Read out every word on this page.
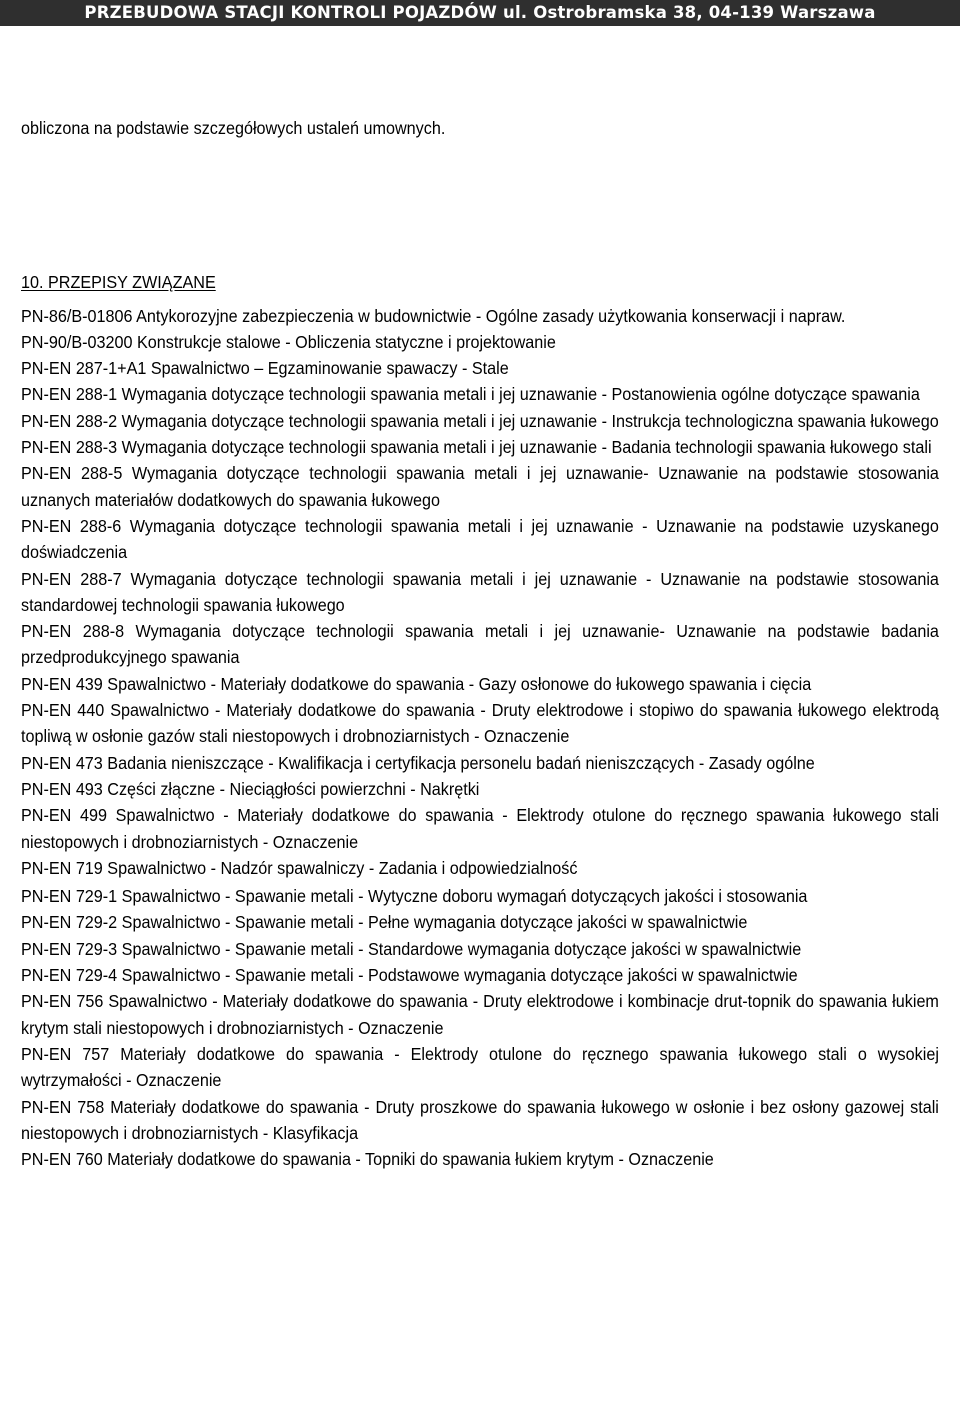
PRZEBUDOWA STACJI KONTROLI POJAZDÓW ul. Ostrobramska 38, 04-139 Warszawa

obliczona na podstawie szczegółowych ustaleń umownych.

10. PRZEPISY ZWIĄZANE
PN-86/B-01806 Antykorozyjne zabezpieczenia w budownictwie - Ogólne zasady użytkowania konserwacji i napraw.
PN-90/B-03200 Konstrukcje stalowe - Obliczenia statyczne i projektowanie
PN-EN 287-1+A1 Spawalnictwo – Egzaminowanie spawaczy - Stale
PN-EN 288-1 Wymagania dotyczące technologii spawania metali i jej uznawanie - Postanowienia ogólne dotyczące spawania
PN-EN 288-2 Wymagania dotyczące technologii spawania metali i jej uznawanie - Instrukcja technologiczna spawania łukowego
PN-EN 288-3 Wymagania dotyczące technologii spawania metali i jej uznawanie - Badania technologii spawania łukowego stali
PN-EN 288-5 Wymagania dotyczące technologii spawania metali i jej uznawanie- Uznawanie na podstawie stosowania uznanych materiałów dodatkowych do spawania łukowego
PN-EN 288-6 Wymagania dotyczące technologii spawania metali i jej uznawanie - Uznawanie na podstawie uzyskanego doświadczenia
PN-EN 288-7 Wymagania dotyczące technologii spawania metali i jej uznawanie - Uznawanie na podstawie stosowania standardowej technologii spawania łukowego
PN-EN 288-8 Wymagania dotyczące technologii spawania metali i jej uznawanie- Uznawanie na podstawie badania przedprodukcyjnego spawania
PN-EN 439 Spawalnictwo - Materiały dodatkowe do spawania - Gazy osłonowe do łukowego spawania i cięcia
PN-EN 440 Spawalnictwo - Materiały dodatkowe do spawania - Druty elektrodowe i stopiwo do spawania łukowego elektrodą topliwą w osłonie gazów stali niestopowych i drobnoziarnistych - Oznaczenie
PN-EN 473 Badania nieniszczące - Kwalifikacja i certyfikacja personelu badań nieniszczących - Zasady ogólne
PN-EN 493 Części złączne - Nieciągłości powierzchni - Nakrętki
PN-EN 499 Spawalnictwo - Materiały dodatkowe do spawania - Elektrody otulone do ręcznego spawania łukowego stali niestopowych i drobnoziarnistych - Oznaczenie
PN-EN 719 Spawalnictwo - Nadzór spawalniczy - Zadania i odpowiedzialność
PN-EN 729-1 Spawalnictwo - Spawanie metali - Wytyczne doboru wymagań dotyczących jakości i stosowania
PN-EN 729-2 Spawalnictwo - Spawanie metali - Pełne wymagania dotyczące jakości w spawalnictwie
PN-EN 729-3 Spawalnictwo - Spawanie metali - Standardowe wymagania dotyczące jakości w spawalnictwie
PN-EN 729-4 Spawalnictwo - Spawanie metali - Podstawowe wymagania dotyczące jakości w spawalnictwie
PN-EN 756 Spawalnictwo - Materiały dodatkowe do spawania - Druty elektrodowe i kombinacje drut-topnik do spawania łukiem krytym stali niestopowych i drobnoziarnistych - Oznaczenie
PN-EN 757 Materiały dodatkowe do spawania - Elektrody otulone do ręcznego spawania łukowego stali o wysokiej wytrzymałości - Oznaczenie
PN-EN 758 Materiały dodatkowe do spawania - Druty proszkowe do spawania łukowego w osłonie i bez osłony gazowej stali niestopowych i drobnoziarnistych - Klasyfikacja
PN-EN 760 Materiały dodatkowe do spawania - Topniki do spawania łukiem krytym - Oznaczenie
